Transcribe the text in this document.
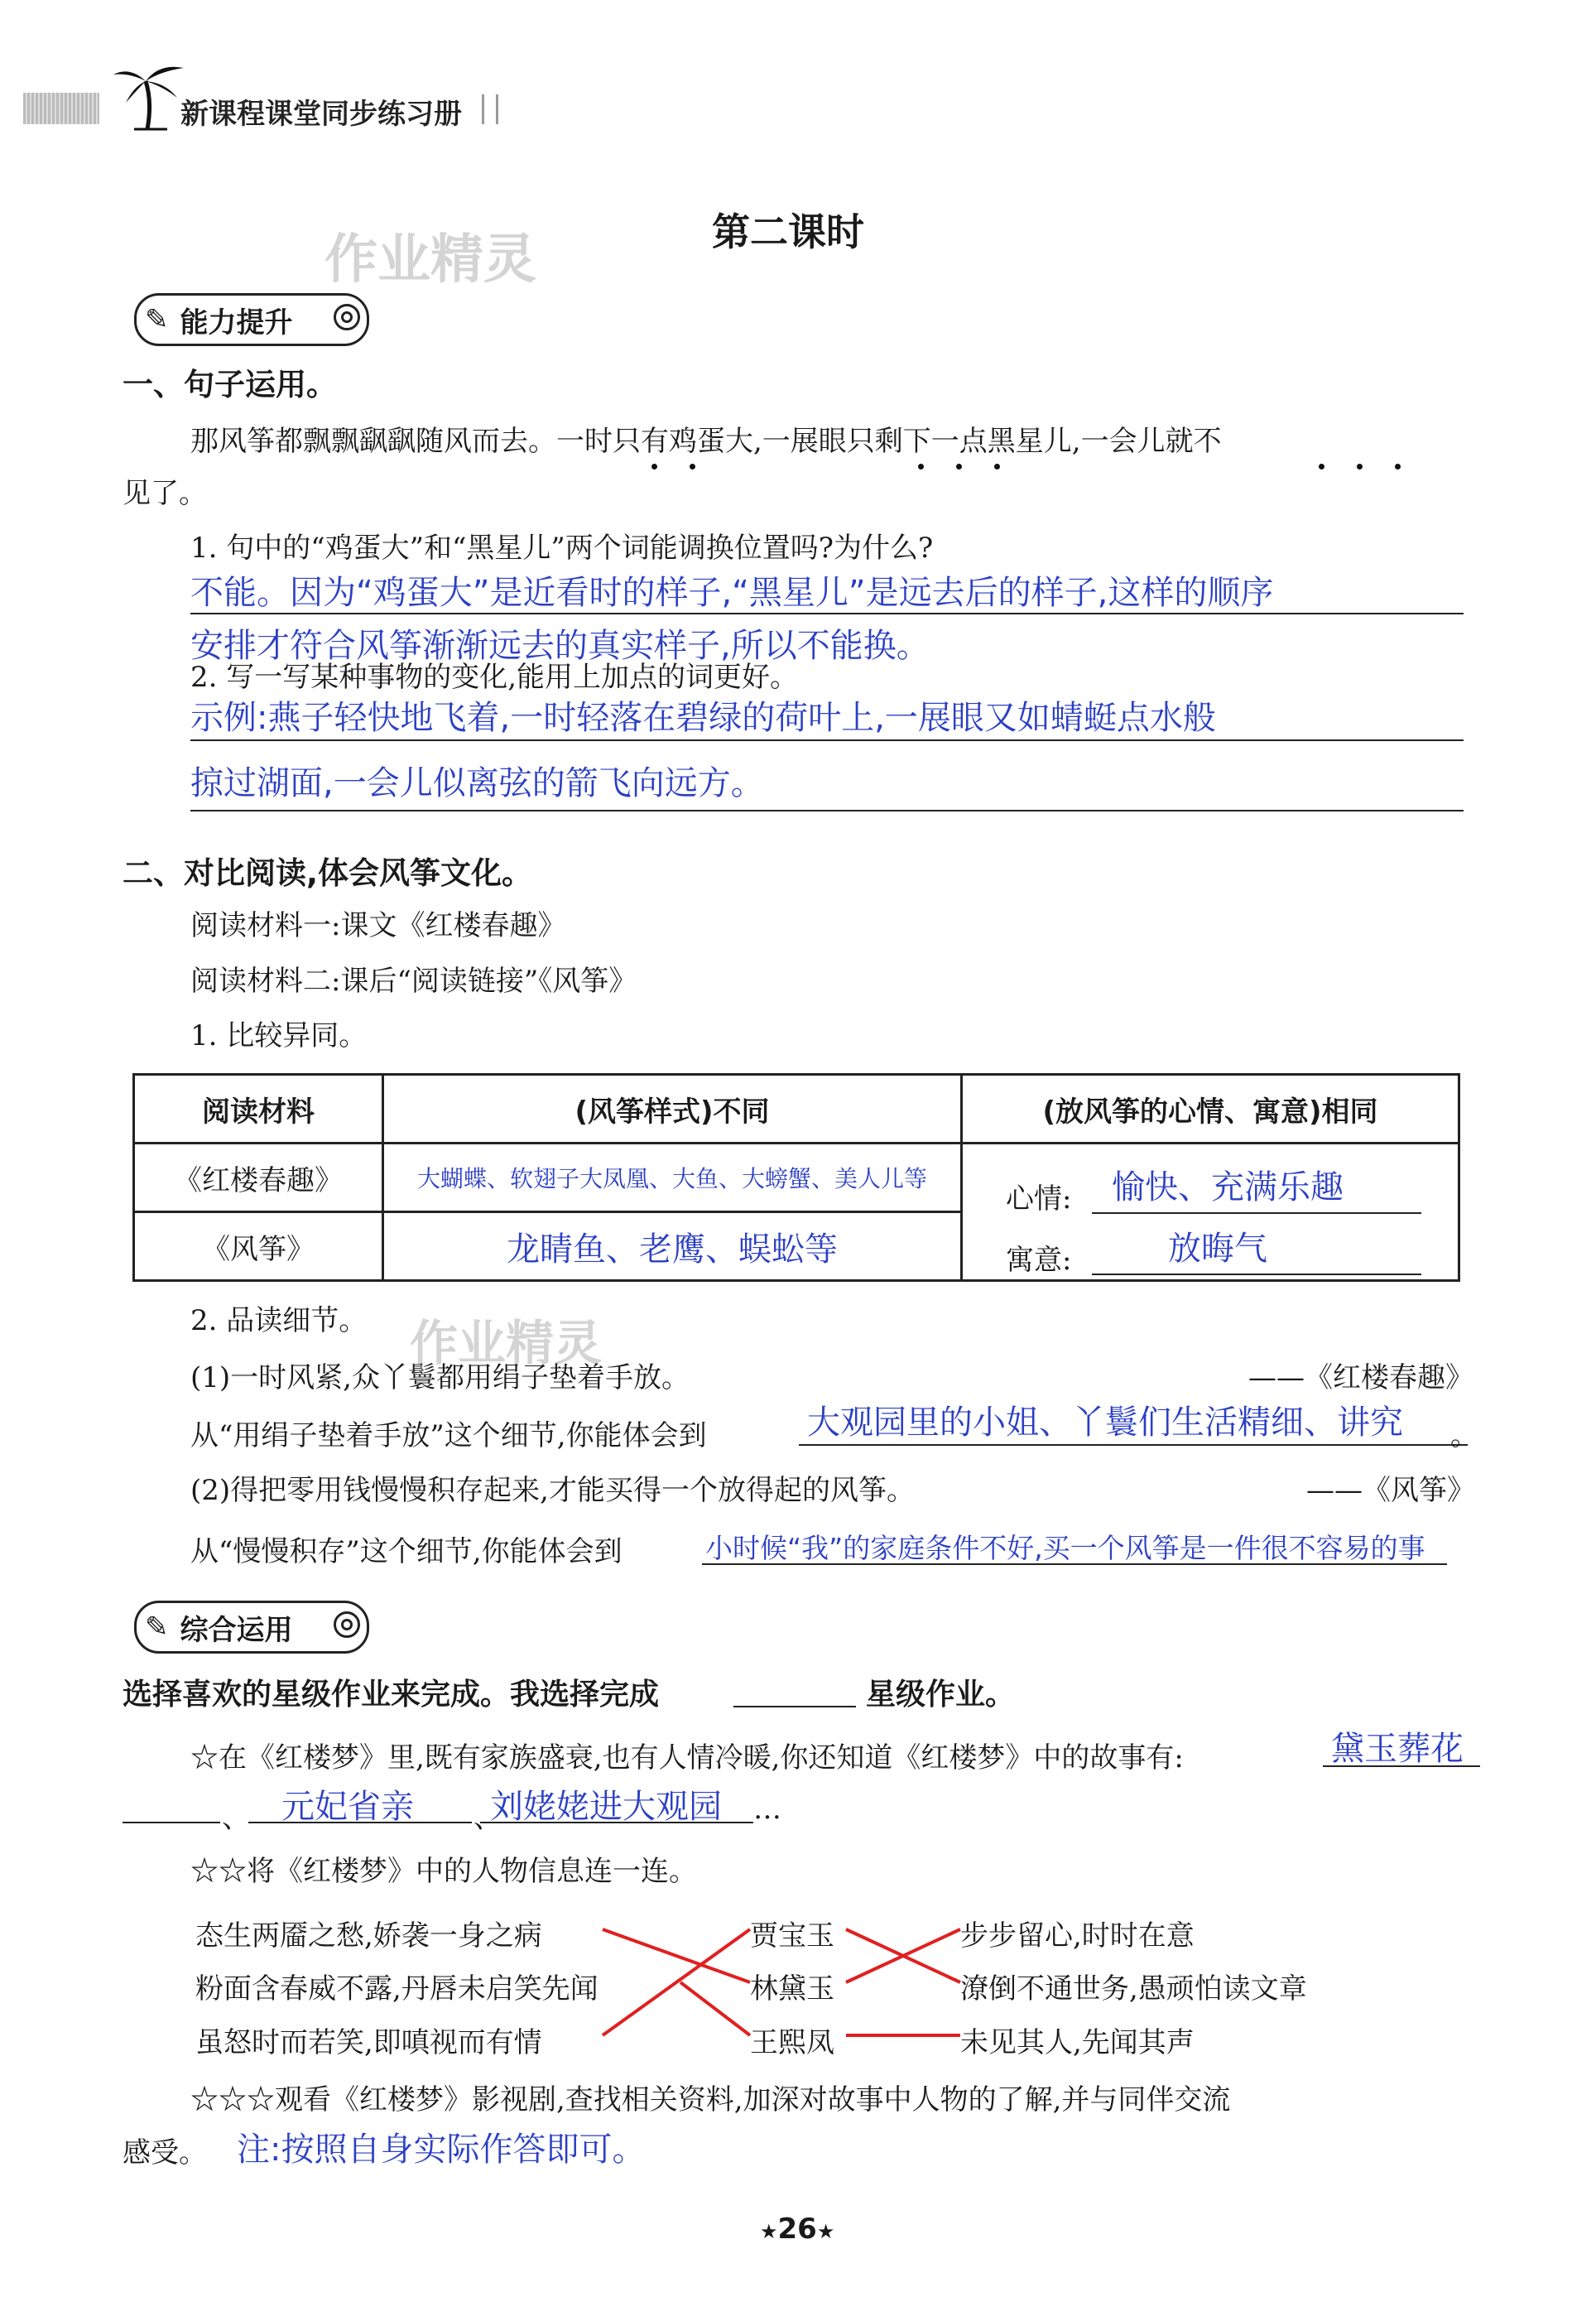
新课程课堂同步练习册
作业精灵	第二课时
✎ 能力提升
一、句子运用。
那风筝都飘飘飖飖随风而去。一时只有鸡蛋大,一展眼只剩下一点黑星儿,一会儿就不
见了。
1. 句中的“鸡蛋大”和“黑星儿”两个词能调换位置吗?为什么?
不能。因为“鸡蛋大”是近看时的样子,“黑星儿”是远去后的样子,这样的顺序
安排才符合风筝渐渐远去的真实样子,所以不能换。
2. 写一写某种事物的变化,能用上加点的词更好。
示例:燕子轻快地飞着,一时轻落在碧绿的荷叶上,一展眼又如蜻蜓点水般
掠过湖面,一会儿似离弦的箭飞向远方。
二、对比阅读,体会风筝文化。
阅读材料一:课文《红楼春趣》
阅读材料二:课后“阅读链接”《风筝》
1. 比较异同。
阅读材料	(风筝样式)不同	(放风筝的心情、寓意)相同
《红楼春趣》	大蝴蝶、软翅子大凤凰、大鱼、大螃蟹、美人儿等	心情: 愉快、充满乐趣
寓意: 放晦气

《风筝》	龙睛鱼、老鹰、蜈蚣等	
2. 品读细节。 作业精灵
(1)一时风紧,众丫鬟都用绢子垫着手放。	——《红楼春趣》
从“用绢子垫着手放”这个细节,你能体会到	大观园里的小姐、丫鬟们生活精细、讲究 。
(2)得把零用钱慢慢积存起来,才能买得一个放得起的风筝。	——《风筝》
从“慢慢积存”这个细节,你能体会到	小时候“我”的家庭条件不好,买一个风筝是一件很不容易的事
✎ 综合运用
选择喜欢的星级作业来完成。我选择完成	星级作业。
☆在《红楼梦》里,既有家族盛衰,也有人情冷暖,你还知道《红楼梦》中的故事有:	黛玉葬花
、 元妃省亲 、
刘姥姥进大观园 …
☆☆将《红楼梦》中的人物信息连一连。
态生两靥之愁,娇袭一身之病
粉面含春威不露,丹唇未启笑先闻
虽怒时而若笑,即嗔视而有情
贾宝玉
林黛玉
王熙凤
步步留心,时时在意
潦倒不通世务,愚顽怕读文章
未见其人,先闻其声
☆☆☆观看《红楼梦》影视剧,查找相关资料,加深对故事中人物的了解,并与同伴交流
感受。 注:按照自身实际作答即可。
★26★
